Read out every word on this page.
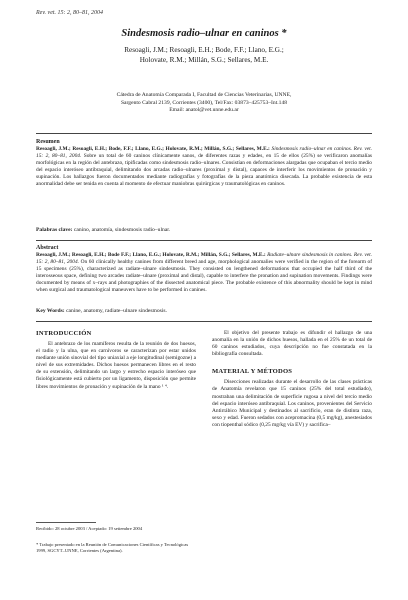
Rev. vet. 15: 2, 80–81, 2004
Sindesmosis radio–ulnar en caninos *
Resoagli, J.M.; Resoagli, E.H.; Bode, F.F.; Llano, E.G.;
Holovate, R.M.; Millán, S.G.; Sellares, M.E.
Cátedra de Anatomía Comparada I, Facultad de Ciencias Veterinarias, UNNE,
Sargento Cabral 2139, Corrientes (3400), Tel/Fax: 03873–425753–Int.148
Email: anatol@vet.unne.edu.ar
Resumen

Resoagli, J.M.; Resoagli, E.H.; Bode, F.F.; Llano, E.G.; Holovate, R.M.; Millán, S.G.; Sellares, M.E.: Sindesmosis radio–ulnar en caninos. Rev. vet. 15: 2, 80–81, 2004. Sobre un total de 60 caninos clínicamente sanos, de diferentes razas y edades, en 15 de ellos (25%) se verificaron anomalías morfológicas en la región del antebrazo, tipificadas como sindesmosis radio–ulnares. Consistían en deformaciones alargadas que ocupaban el tercio medio del espacio interóseo antibraquial, delimitando dos arcadas radio–ulnares (proximal y distal), capaces de interferir los movimientos de pronación y supinación. Los hallazgos fueron documentados mediante radiografías y fotografías de la pieza anatómica disecada. La probable existencia de esta anormalidad debe ser tenida en cuenta al momento de efectuar maniobras quirúrgicas y traumatológicas en caninos.

Palabras clave: canino, anatomía, sindesmosis radio–ulnar.
Abstract

Resoagli, J.M.; Resoagli, E.H.; Bode F.F.; Llano, E.G.; Holovate, R.M.; Millán, S.G.; Sellares, M.E.: Radiate–ulnare sindesmosis in canines. Rev. vet. 15: 2, 80–81, 2004. On 60 clinically healthy canines from different breed and age, morphological anomalies were verified in the region of the forearm of 15 specimens (25%), characterized as radiate–ulnare sindesmosis. They consisted on lengthened deformations that occupied the half third of the interosseous space, defining two arcades radiate–ulnare (proximal and distal), capable to interfere the pronation and supination movements. Findings were documented by means of x–rays and photographies of the dissected anatomical piece. The probable existence of this abnormality should be kept in mind when surgical and traumatological maneuvers have to be performed in canines.

Key Words: canine, anatomy, radiate–ulnare sindesmosis.
INTRODUCCIÓN

El antebrazo de los mamíferos resulta de la reunión de dos huesos, el radio y la ulna, que en carnívoros se caracterizan por estar unidos mediante unión sinovial del tipo uniaxial a eje longitudinal (semigozne) a nivel de sus extremidades. Dichos huesos permanecen libres en el resto de su extensión, delimitando un largo y estrecho espacio interóseo que fisiológicamente está cubierto por un ligamento, disposición que permite libres movimientos de pronación y supinación de la mano ¹ ⁴.

El objetivo del presente trabajo es difundir el hallazgo de una anomalía en la unión de dichos huesos, hallada en el 25% de un total de 60 caninos estudiados, cuya descripción no fue constatada en la bibliografía consultada.

MATERIAL Y MÉTODOS

Disecciones realizadas durante el desarrollo de las clases prácticas de Anatomía revelaron que 15 caninos (25% del total estudiado), mostraban una delimitación de superficie rugosa a nivel del tercio medio del espacio interóseo antibraquial. Los caninos, provenientes del Servicio Antirrábico Municipal y destinados al sacrificio, eran de distinta raza, sexo y edad. Fueron sedados con acepromacina (0,5 mg/kg), anestesiados con tiopenthal sódico (0,25 mg/kg vía EV) y sacrifica–

Recibido: 28 octubre 2003 / Aceptado: 19 setiembre 2004
* Trabajo presentado en la Reunión de Comunicaciones Científicas y Tecnológicas 1999, SGCYT–UNNE, Corrientes (Argentina).
